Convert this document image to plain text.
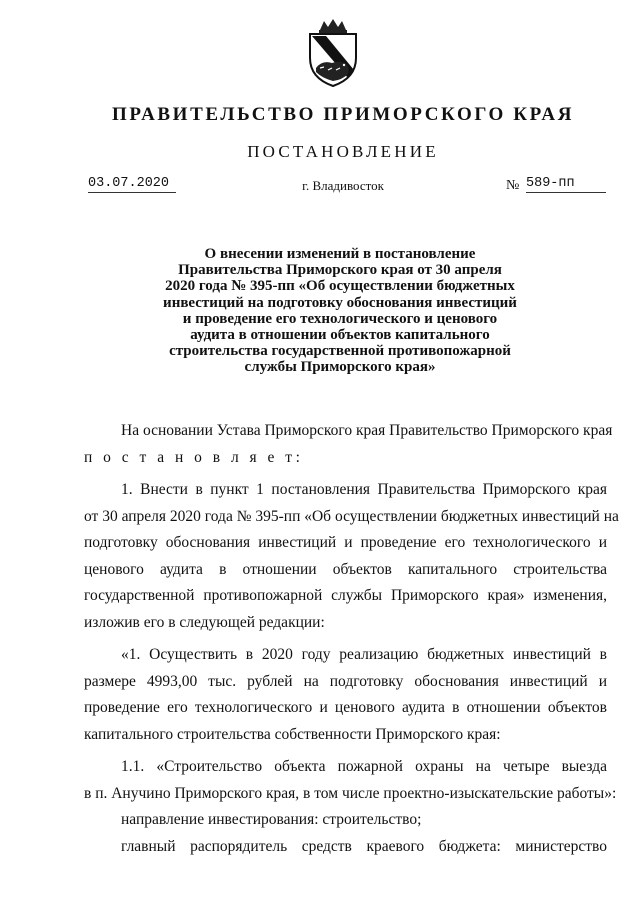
ПРАВИТЕЛЬСТВО ПРИМОРСКОГО КРАЯ
ПОСТАНОВЛЕНИЕ
03.07.2020	г. Владивосток	№ 589-пп
О внесении изменений в постановление
Правительства Приморского края от 30 апреля
2020 года № 395-пп «Об осуществлении бюджетных
инвестиций на подготовку обоснования инвестиций
и проведение его технологического и ценового
аудита в отношении объектов капитального
строительства государственной противопожарной
службы Приморского края»
На основании Устава Приморского края Правительство Приморского края
п о с т а н о в л я е т:
1. Внести в пункт 1 постановления Правительства Приморского края
от 30 апреля 2020 года № 395-пп «Об осуществлении бюджетных инвестиций на
подготовку обоснования инвестиций и проведение его технологического и
ценового аудита в отношении объектов капитального строительства
государственной противопожарной службы Приморского края» изменения,
изложив его в следующей редакции:
«1. Осуществить в 2020 году реализацию бюджетных инвестиций в
размере 4993,00 тыс. рублей на подготовку обоснования инвестиций и
проведение его технологического и ценового аудита в отношении объектов
капитального строительства собственности Приморского края:
1.1. «Строительство объекта пожарной охраны на четыре выезда
в п. Анучино Приморского края, в том числе проектно-изыскательские работы»:
направление инвестирования: строительство;
главный распорядитель средств краевого бюджета: министерство
